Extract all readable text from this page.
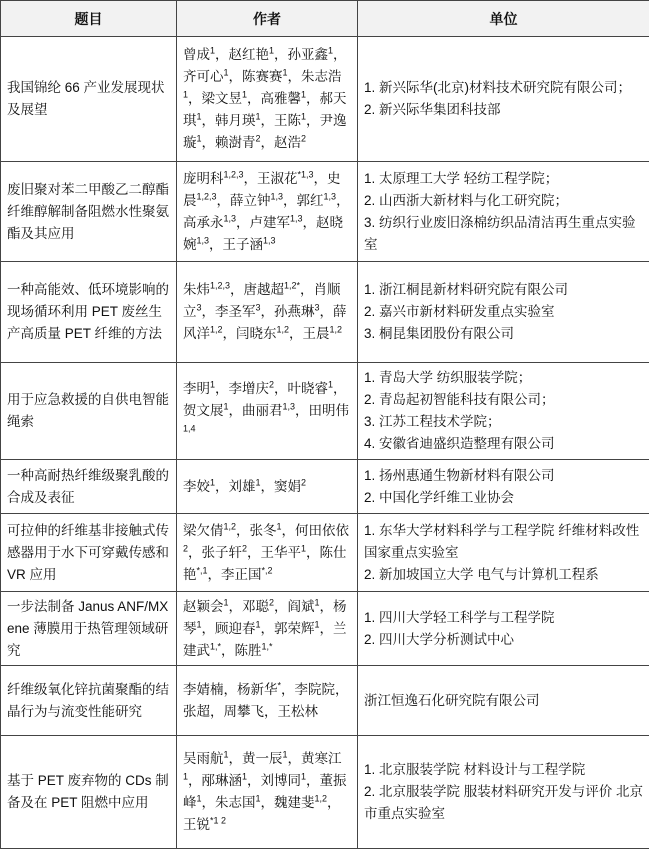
题目	作者	单位
我国锦纶 66 产业发展现状及展望	曾成$^1$，赵红艳$^1$，孙亚鑫$^1$，齐可心$^1$，陈赛赛$^1$，朱志浩$^1$，梁文昱$^1$，高雅馨$^1$，郝天琪$^1$，韩月瑛$^1$，王陈$^1$，尹逸璇$^1$，赖澍青$^2$，赵浩$^2$	1. 新兴际华(北京)材料技术研究院有限公司；
2. 新兴际华集团科技部

废旧聚对苯二甲酸乙二醇酯纤维醇解制备阻燃水性聚氨酯及其应用	庞明科$^{1,2,3}$，王淑花$^{*1,3}$，史晨$^{1,2,3}$，薛立钟$^{1,3}$，郭红$^{1,3}$，高承永$^{1,3}$，卢建军$^{1,3}$，赵晓婉$^{1,3}$，王子涵$^{1,3}$	1. 太原理工大学 轻纺工程学院；
2. 山西浙大新材料与化工研究院；
3. 纺织行业废旧涤棉纺织品清洁再生重点实验室

一种高能效、低环境影响的现场循环利用 PET 废丝生产高质量 PET 纤维的方法	朱炜$^{1,2,3}$，唐越超$^{1,2*}$，肖顺立$^3$，李圣军$^3$，孙燕琳$^3$，薛风洋$^{1,2}$，闫晓东$^{1,2}$，王晨$^{1,2}$	1. 浙江桐昆新材料研究院有限公司
2. 嘉兴市新材料研发重点实验室
3. 桐昆集团股份有限公司

用于应急救援的自供电智能绳索	李明$^1$，李增庆$^2$，叶晓睿$^1$，贺文展$^1$，曲丽君$^{1,3}$，田明伟$^{1,4}$	1. 青岛大学 纺织服装学院；
2. 青岛起初智能科技有限公司；
3. 江苏工程技术学院；
4. 安徽省迪盛织造整理有限公司

一种高耐热纤维级聚乳酸的合成及表征	李姣$^1$，刘雄$^1$，窦娟$^2$	1. 扬州惠通生物新材料有限公司
2. 中国化学纤维工业协会

可拉伸的纤维基非接触式传感器用于水下可穿戴传感和 VR 应用	梁欠倩$^{1,2}$，张冬$^1$，何田依依$^2$，张子轩$^2$，王华平$^1$，陈仕艳$^{*,1}$，李正国$^{*,2}$	1. 东华大学材料科学与工程学院 纤维材料改性国家重点实验室
2. 新加坡国立大学 电气与计算机工程系

一步法制备 Janus ANF/MXene 薄膜用于热管理领域研究	赵颖会$^1$，邓聪$^2$，阎斌$^1$，杨琴$^1$，顾迎春$^1$，郭荣辉$^1$，兰建武$^{1,*}$，陈胜$^{1,*}$	1. 四川大学轻工科学与工程学院
2. 四川大学分析测试中心

纤维级氧化锌抗菌聚酯的结晶行为与流变性能研究	李婧楠，杨新华*，李院院，张超，周攀飞，王松林	浙江恒逸石化研究院有限公司

基于 PET 废弃物的 CDs 制备及在 PET 阻燃中应用	吴雨航$^1$，黄一辰$^1$，黄寒江$^1$，邴琳涵$^1$，刘博同$^1$，董振峰$^1$，朱志国$^1$，魏建斐$^{1,2}$，王锐$^{*1 2}$	1. 北京服装学院 材料设计与工程学院
2. 北京服装学院 服装材料研究开发与评价 北京市重点实验室
